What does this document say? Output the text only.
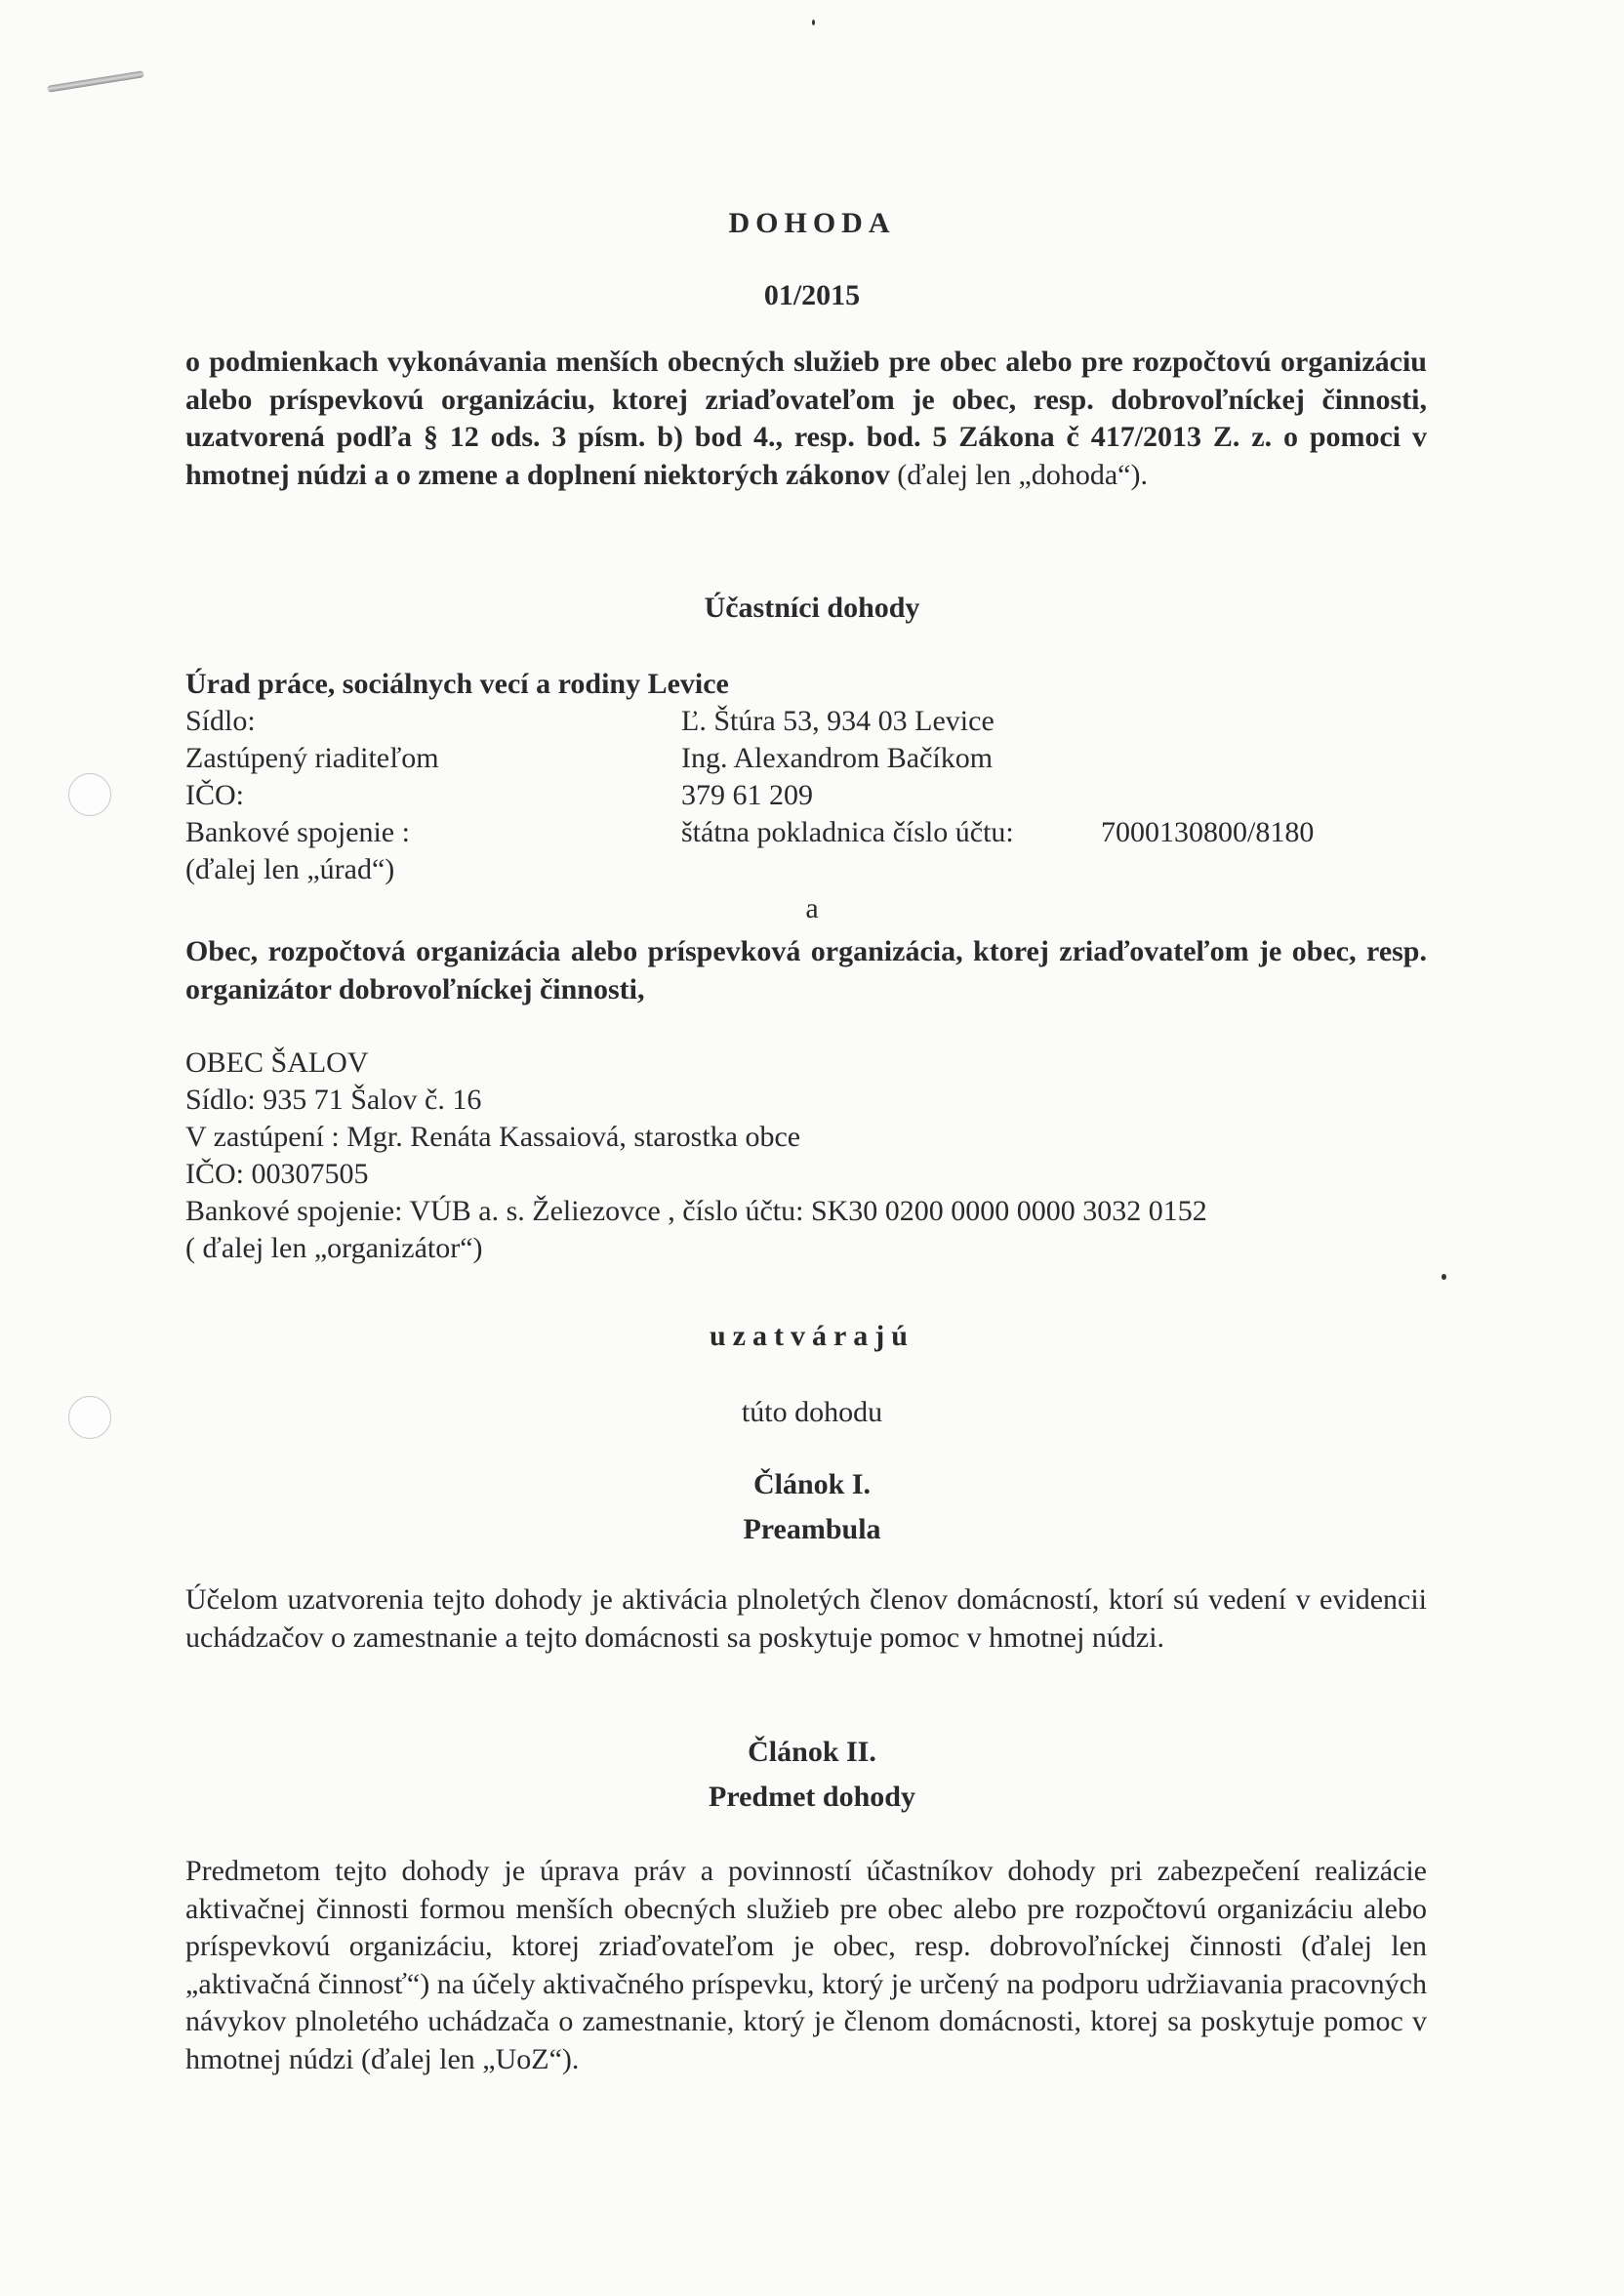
DOHODA
01/2015
o podmienkach vykonávania menších obecných služieb pre obec alebo pre rozpočtovú organizáciu alebo príspevkovú organizáciu, ktorej zriaďovateľom je obec, resp. dobrovoľníckej činnosti, uzatvorená podľa § 12 ods. 3 písm. b) bod 4., resp. bod. 5 Zákona č 417/2013 Z. z. o pomoci v hmotnej núdzi a o zmene a doplnení niektorých zákonov (ďalej len „dohoda“).
Účastníci dohody
Úrad práce, sociálnych vecí a rodiny Levice
Sídlo:	Ľ. Štúra 53, 934 03 Levice
Zastúpený riaditeľom	Ing. Alexandrom Bačíkom
IČO:	379 61 209
Bankové spojenie :	štátna pokladnica číslo účtu:	7000130800/8180
(ďalej len „úrad“)
a
Obec, rozpočtová organizácia alebo príspevková organizácia, ktorej zriaďovateľom je obec, resp. organizátor dobrovoľníckej činnosti,
OBEC ŠALOV
Sídlo: 935 71 Šalov č. 16
V zastúpení : Mgr. Renáta Kassaiová, starostka obce
IČO: 00307505
Bankové spojenie: VÚB a. s. Želiezovce , číslo účtu: SK30 0200 0000 0000 3032 0152
( ďalej len „organizátor“)
uzatvárajú
túto dohodu
Článok I.
Preambula
Účelom uzatvorenia tejto dohody je aktivácia plnoletých členov domácností, ktorí sú vedení v evidencii uchádzačov o zamestnanie a tejto domácnosti sa poskytuje pomoc v hmotnej núdzi.
Článok II.
Predmet dohody
Predmetom tejto dohody je úprava práv a povinností účastníkov dohody pri zabezpečení realizácie aktivačnej činnosti formou menších obecných služieb pre obec alebo pre rozpočtovú organizáciu alebo príspevkovú organizáciu, ktorej zriaďovateľom je obec, resp. dobrovoľníckej činnosti (ďalej len „aktivačná činnosť“) na účely aktivačného príspevku, ktorý je určený na podporu udržiavania pracovných návykov plnoletého uchádzača o zamestnanie, ktorý je členom domácnosti, ktorej sa poskytuje pomoc v hmotnej núdzi (ďalej len „UoZ“).
